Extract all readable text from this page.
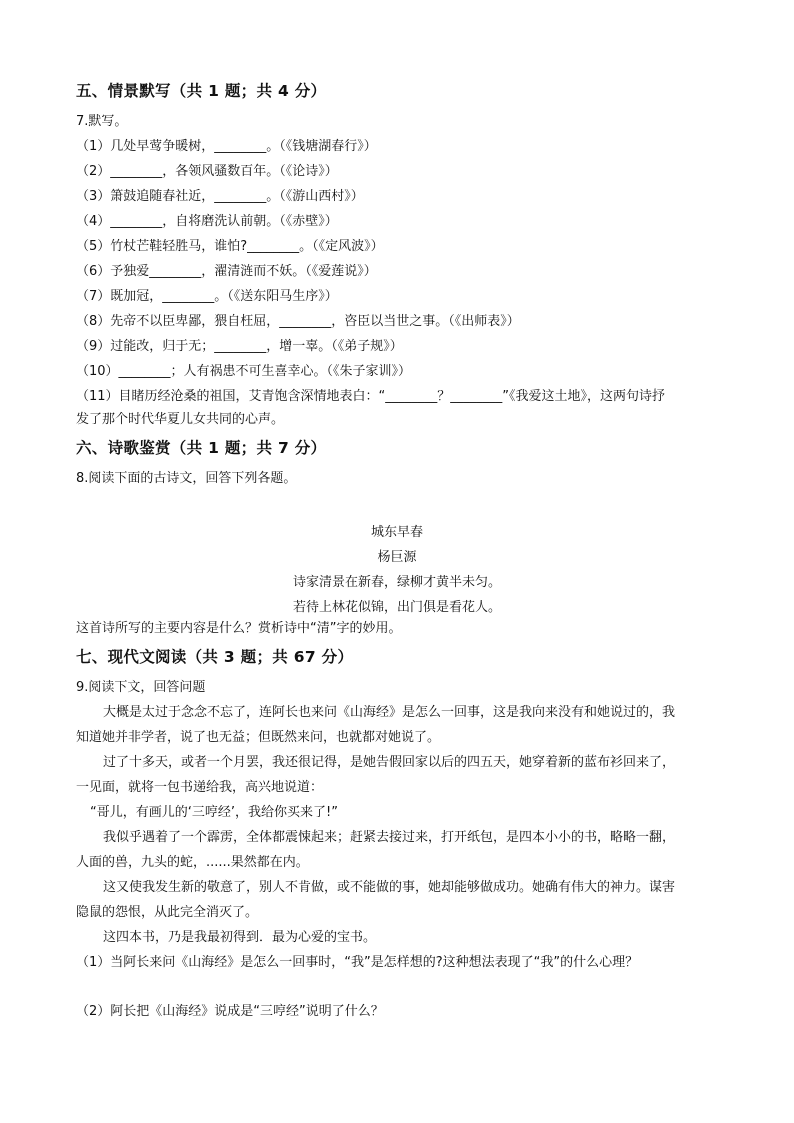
五、情景默写（共 1 题；共 4 分）
7.默写。
（1）几处早莺争暖树，________。（《钱塘湖春行》）
（2）________，各领风骚数百年。（《论诗》）
（3）箫鼓追随春社近，________。（《游山西村》）
（4）________，自将磨洗认前朝。（《赤壁》）
（5）竹杖芒鞋轻胜马，谁怕?________。（《定风波》）
（6）予独爱________，濯清涟而不妖。（《爱莲说》）
（7）既加冠，________。（《送东阳马生序》）
（8）先帝不以臣卑鄙，猥自枉屈，________，咨臣以当世之事。（《出师表》）
（9）过能改，归于无；________，增一辜。（《弟子规》）
（10）________；人有祸患不可生喜幸心。（《朱子家训》）
（11）目睹历经沧桑的祖国，艾青饱含深情地表白：“________？________”《我爱这土地》，这两句诗抒
发了那个时代华夏儿女共同的心声。
六、诗歌鉴赏（共 1 题；共 7 分）
8.阅读下面的古诗文，回答下列各题。
城东早春
杨巨源
诗家清景在新春，绿柳才黄半未匀。
若待上林花似锦，出门俱是看花人。
这首诗所写的主要内容是什么？赏析诗中“清”字的妙用。
七、现代文阅读（共 3 题；共 67 分）
9.阅读下文，回答问题
大概是太过于念念不忘了，连阿长也来问《山海经》是怎么一回事，这是我向来没有和她说过的，我
知道她并非学者，说了也无益；但既然来问，也就都对她说了。
过了十多天，或者一个月罢，我还很记得，是她告假回家以后的四五天，她穿着新的蓝布衫回来了，
一见面，就将一包书递给我，高兴地说道：
“哥儿，有画儿的‘三哼经’，我给你买来了!”
我似乎遇着了一个霹雳，全体都震悚起来；赶紧去接过来，打开纸包，是四本小小的书，略略一翻，
人面的兽，九头的蛇，......果然都在内。
这又使我发生新的敬意了，别人不肯做，或不能做的事，她却能够做成功。她确有伟大的神力。谋害
隐鼠的怨恨，从此完全消灭了。
这四本书，乃是我最初得到．最为心爱的宝书。
（1）当阿长来问《山海经》是怎么一回事时，“我”是怎样想的?这种想法表现了“我”的什么心理？
（2）阿长把《山海经》说成是“三哼经”说明了什么？
